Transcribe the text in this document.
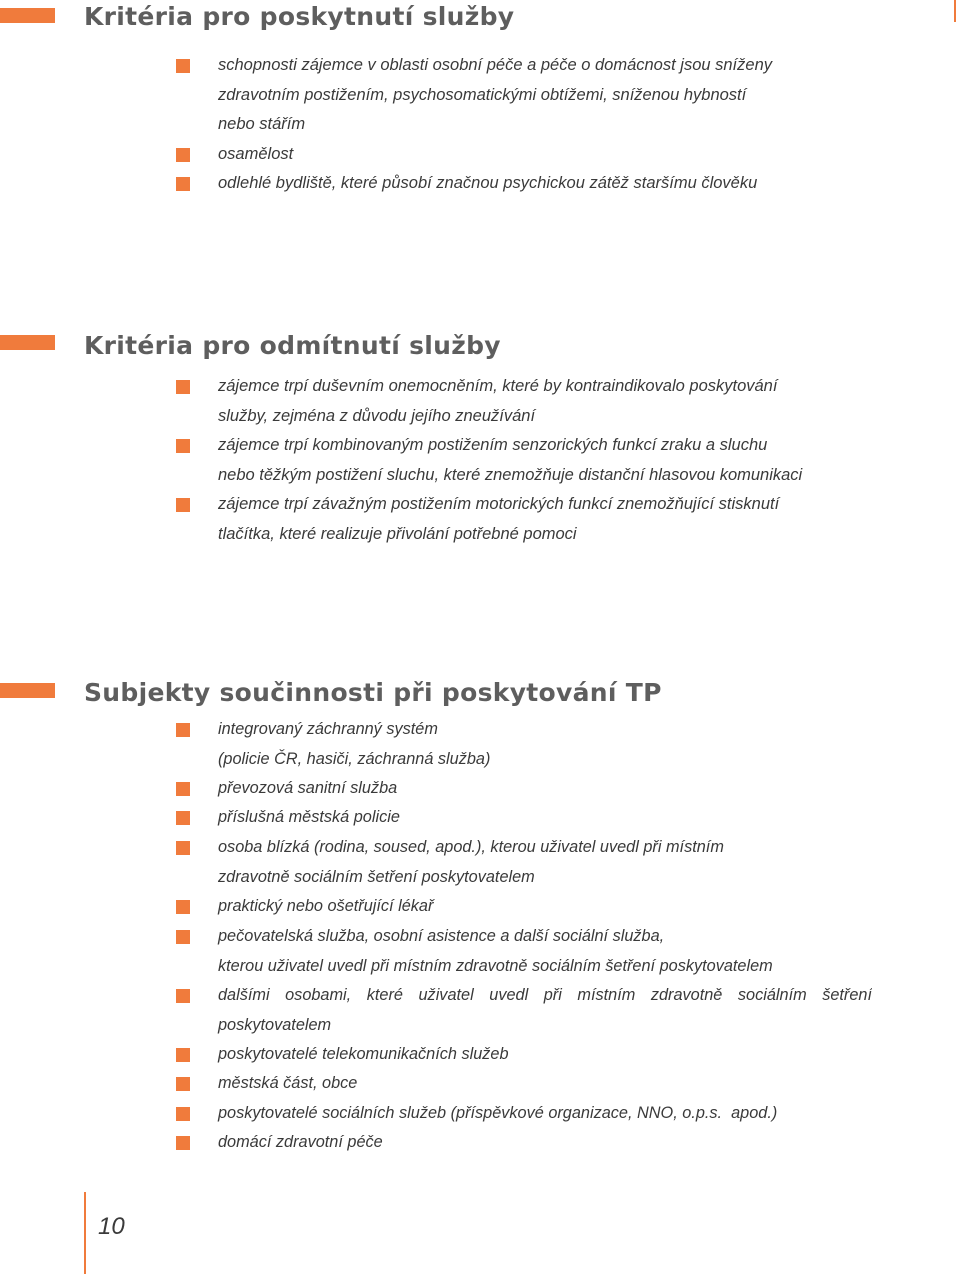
Kritéria pro poskytnutí služby
schopnosti zájemce v oblasti osobní péče a péče o domácnost jsou sníženy
zdravotním postižením, psychosomatickými obtížemi, sníženou hybností
nebo stářím
osamělost
odlehlé bydliště, které působí značnou psychickou zátěž staršímu člověku
Kritéria pro odmítnutí služby
zájemce trpí duševním onemocněním, které by kontraindikovalo poskytování
služby, zejména z důvodu jejího zneužívání
zájemce trpí kombinovaným postižením senzorických funkcí zraku a sluchu
nebo těžkým postižení sluchu, které znemožňuje distanční hlasovou komunikaci
zájemce trpí závažným postižením motorických funkcí znemožňující stisknutí
tlačítka, které realizuje přivolání potřebné pomoci
Subjekty součinnosti při poskytování TP
integrovaný záchranný systém
(policie ČR, hasiči, záchranná služba)
převozová sanitní služba
příslušná městská policie
osoba blízká (rodina, soused, apod.), kterou uživatel uvedl při místním
zdravotně sociálním šetření poskytovatelem
praktický nebo ošetřující lékař
pečovatelská služba, osobní asistence a další sociální služba,
kterou uživatel uvedl při místním zdravotně sociálním šetření poskytovatelem
dalšími osobami, které uživatel uvedl při místním zdravotně sociálním šetření
poskytovatelem
poskytovatelé telekomunikačních služeb
městská část, obce
poskytovatelé sociálních služeb (příspěvkové organizace, NNO, o.p.s.  apod.)
domácí zdravotní péče
10
